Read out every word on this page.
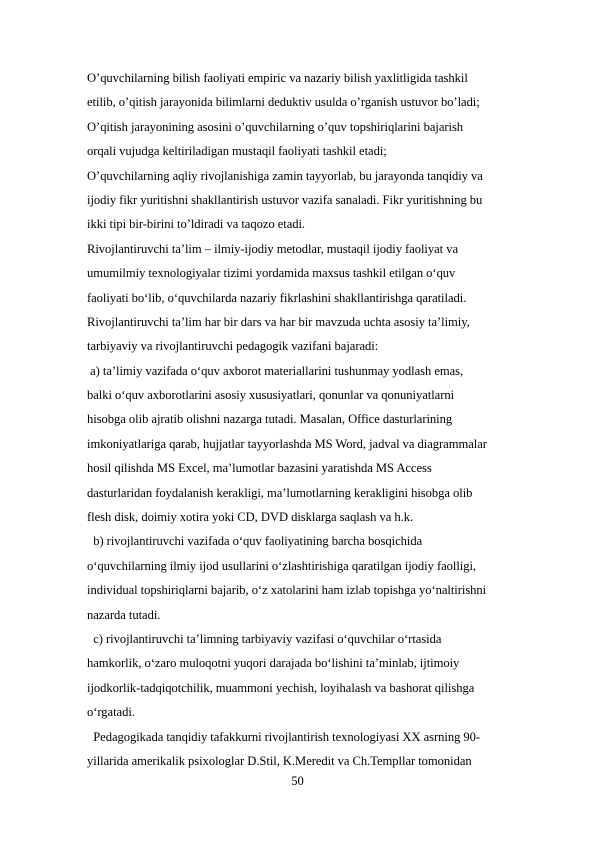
O’quvchilarning bilish faoliyati empiric va nazariy bilish yaxlitligida tashkil
etilib, o’qitish jarayonida bilimlarni deduktiv usulda o’rganish ustuvor bo’ladi;
O’qitish jarayonining asosini o’quvchilarning o’quv topshiriqlarini bajarish
orqali vujudga keltiriladigan mustaqil faoliyati tashkil etadi;
O’quvchilarning aqliy rivojlanishiga zamin tayyorlab, bu jarayonda tanqidiy va
ijodiy fikr yuritishni shakllantirish ustuvor vazifa sanaladi. Fikr yuritishning bu
ikki tipi bir-birini to’ldiradi va taqozo etadi.
Rivojlantiruvchi ta’lim – ilmiy-ijodiy metodlar, mustaqil ijodiy faoliyat va
umumilmiy texnologiyalar tizimi yordamida maxsus tashkil etilgan o‘quv
faoliyati bo‘lib, o‘quvchilarda nazariy fikrlashini shakllantirishga qaratiladi.
Rivojlantiruvchi ta’lim har bir dars va har bir mavzuda uchta asosiy ta’limiy,
tarbiyaviy va rivojlantiruvchi pedagogik vazifani bajaradi:
a) ta’limiy vazifada o‘quv axborot materiallarini tushunmay yodlash emas,
balki o‘quv axborotlarini asosiy xususiyatlari, qonunlar va qonuniyatlarni
hisobga olib ajratib olishni nazarga tutadi. Masalan, Office dasturlarining
imkoniyatlariga qarab, hujjatlar tayyorlashda MS Word, jadval va diagrammalar
hosil qilishda MS Excel, ma’lumotlar bazasini yaratishda MS Access
dasturlaridan foydalanish kerakligi, ma’lumotlarning kerakligini hisobga olib
flesh disk, doimiy xotira yoki CD, DVD disklarga saqlash va h.k.
b) rivojlantiruvchi vazifada o‘quv faoliyatining barcha bosqichida
o‘quvchilarning ilmiy ijod usullarini o‘zlashtirishiga qaratilgan ijodiy faolligi,
individual topshiriqlarni bajarib, o‘z xatolarini ham izlab topishga yo‘naltirishni
nazarda tutadi.
c) rivojlantiruvchi ta’limning tarbiyaviy vazifasi o‘quvchilar o‘rtasida
hamkorlik, o‘zaro muloqotni yuqori darajada bo‘lishini ta’minlab, ijtimoiy
ijodkorlik-tadqiqotchilik, muammoni yechish, loyihalash va bashorat qilishga
o‘rgatadi.
Pedagogikada tanqidiy tafakkurni rivojlantirish texnologiyasi XX asrning 90-
yillarida amerikalik psixologlar D.Stil, K.Meredit va Ch.Templlar tomonidan
50
